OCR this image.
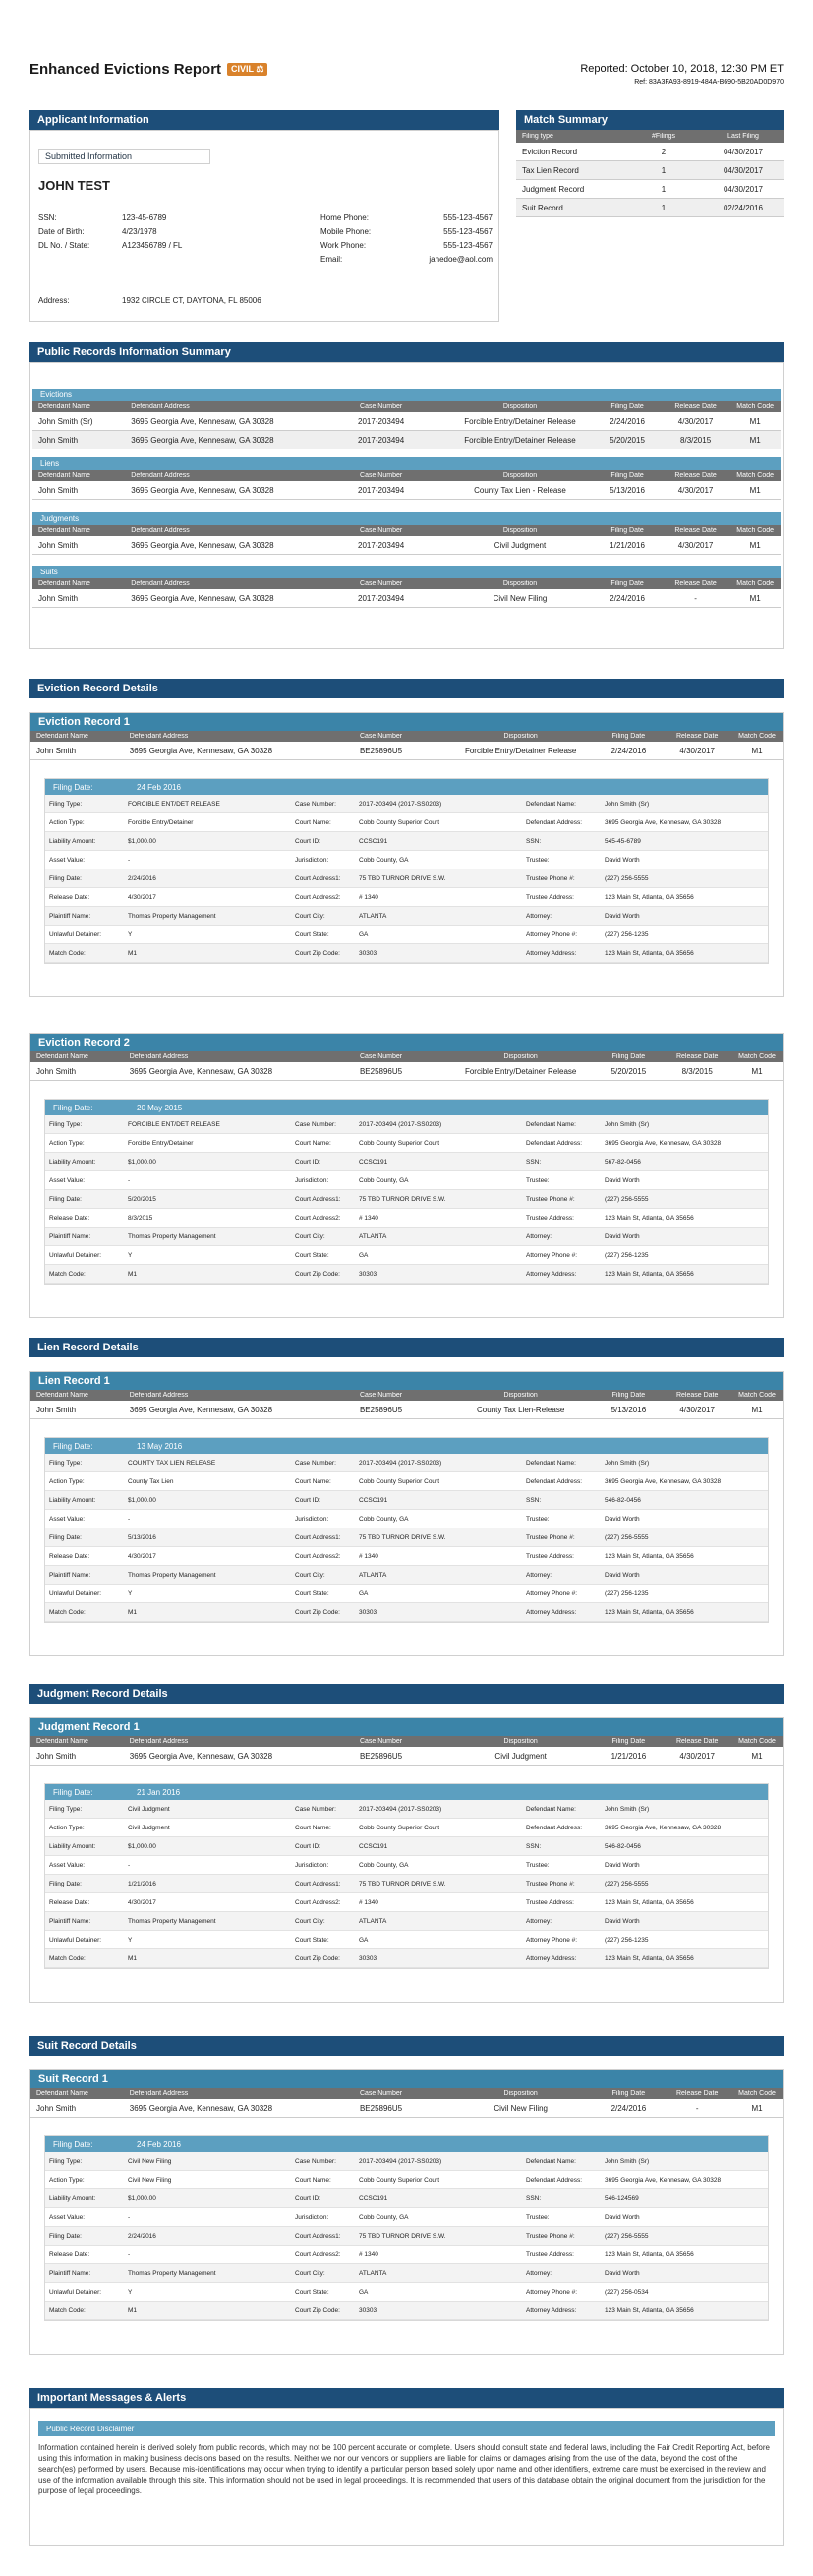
Enhanced Evictions Report CIVIL ⚖	Reported: October 10, 2018, 12:30 PM ET
Ref: 83A3FA93-8919-484A-B690-5B20AD0D970
Applicant Information
Submitted Information
JOHN TEST
SSN:	123-45-6789
Date of Birth:	4/23/1978
DL No. / State:	A123456789 / FL
Home Phone:	555-123-4567
Mobile Phone:	555-123-4567
Work Phone:	555-123-4567
Email:	janedoe@aol.com
Address:	1932 CIRCLE CT, DAYTONA, FL 85006
Match Summary
Filing type	#Filings	Last Filing
Eviction Record	2	04/30/2017
Tax Lien Record	1	04/30/2017
Judgment Record	1	04/30/2017
Suit Record	1	02/24/2016
Public Records Information Summary
Evictions
Defendant Name	Defendant Address	Case Number	Disposition	Filing Date	Release Date	Match Code
John Smith (Sr)	3695 Georgia Ave, Kennesaw, GA 30328	2017-203494	Forcible Entry/Detainer Release	2/24/2016	4/30/2017	M1
John Smith	3695 Georgia Ave, Kennesaw, GA 30328	2017-203494	Forcible Entry/Detainer Release	5/20/2015	8/3/2015	M1
Liens
Defendant Name	Defendant Address	Case Number	Disposition	Filing Date	Release Date	Match Code
John Smith	3695 Georgia Ave, Kennesaw, GA 30328	2017-203494	County Tax Lien - Release	5/13/2016	4/30/2017	M1
Judgments
Defendant Name	Defendant Address	Case Number	Disposition	Filing Date	Release Date	Match Code
John Smith	3695 Georgia Ave, Kennesaw, GA 30328	2017-203494	Civil Judgment	1/21/2016	4/30/2017	M1
Suits
Defendant Name	Defendant Address	Case Number	Disposition	Filing Date	Release Date	Match Code
John Smith	3695 Georgia Ave, Kennesaw, GA 30328	2017-203494	Civil New Filing	2/24/2016	-	M1
Eviction Record Details
Eviction Record 1
Defendant Name	Defendant Address	Case Number	Disposition	Filing Date	Release Date	Match Code
John Smith	3695 Georgia Ave, Kennesaw, GA 30328	BE25896U5	Forcible Entry/Detainer Release	2/24/2016	4/30/2017	M1
Filing Date:	24 Feb 2016
Filing Type:	FORCIBLE ENT/DET RELEASE	Case Number:	2017-203494 (2017-SS0203)	Defendant Name:	John Smith (Sr)
Action Type:	Forcible Entry/Detainer	Court Name:	Cobb County Superior Court	Defendant Address:	3695 Georgia Ave, Kennesaw, GA 30328
Liability Amount:	$1,000.00	Court ID:	CCSC191	SSN:	545-45-6789
Asset Value:	-	Jurisdiction:	Cobb County, GA	Trustee:	David Worth
Filing Date:	2/24/2016	Court Address1:	75 TBD TURNOR DRIVE S.W.	Trustee Phone #:	(227) 256-5555
Release Date:	4/30/2017	Court Address2:	# 1340	Trustee Address:	123 Main St, Atlanta, GA 35656
Plaintiff Name:	Thomas Property Management	Court City:	ATLANTA	Attorney:	David Worth
Unlawful Detainer:	Y	Court State:	GA	Attorney Phone #:	(227) 256-1235
Match Code:	M1	Court Zip Code:	30303	Attorney Address:	123 Main St, Atlanta, GA 35656
Eviction Record 2
Defendant Name	Defendant Address	Case Number	Disposition	Filing Date	Release Date	Match Code
John Smith	3695 Georgia Ave, Kennesaw, GA 30328	BE25896U5	Forcible Entry/Detainer Release	5/20/2015	8/3/2015	M1
Filing Date:	20 May 2015
Filing Type:	FORCIBLE ENT/DET RELEASE	Case Number:	2017-203494 (2017-SS0203)	Defendant Name:	John Smith (Sr)
Action Type:	Forcible Entry/Detainer	Court Name:	Cobb County Superior Court	Defendant Address:	3695 Georgia Ave, Kennesaw, GA 30328
Liability Amount:	$1,000.00	Court ID:	CCSC191	SSN:	567-82-0456
Asset Value:	-	Jurisdiction:	Cobb County, GA	Trustee:	David Worth
Filing Date:	5/20/2015	Court Address1:	75 TBD TURNOR DRIVE S.W.	Trustee Phone #:	(227) 256-5555
Release Date:	8/3/2015	Court Address2:	# 1340	Trustee Address:	123 Main St, Atlanta, GA 35656
Plaintiff Name:	Thomas Property Management	Court City:	ATLANTA	Attorney:	David Worth
Unlawful Detainer:	Y	Court State:	GA	Attorney Phone #:	(227) 256-1235
Match Code:	M1	Court Zip Code:	30303	Attorney Address:	123 Main St, Atlanta, GA 35656
Lien Record Details
Lien Record 1
Defendant Name	Defendant Address	Case Number	Disposition	Filing Date	Release Date	Match Code
John Smith	3695 Georgia Ave, Kennesaw, GA 30328	BE25896U5	County Tax Lien-Release	5/13/2016	4/30/2017	M1
Filing Date:	13 May 2016
Filing Type:	COUNTY TAX LIEN RELEASE	Case Number:	2017-203494 (2017-SS0203)	Defendant Name:	John Smith (Sr)
Action Type:	County Tax Lien	Court Name:	Cobb County Superior Court	Defendant Address:	3695 Georgia Ave, Kennesaw, GA 30328
Liability Amount:	$1,000.00	Court ID:	CCSC191	SSN:	546-82-0456
Asset Value:	-	Jurisdiction:	Cobb County, GA	Trustee:	David Worth
Filing Date:	5/13/2016	Court Address1:	75 TBD TURNOR DRIVE S.W.	Trustee Phone #:	(227) 256-5555
Release Date:	4/30/2017	Court Address2:	# 1340	Trustee Address:	123 Main St, Atlanta, GA 35656
Plaintiff Name:	Thomas Property Management	Court City:	ATLANTA	Attorney:	David Worth
Unlawful Detainer:	Y	Court State:	GA	Attorney Phone #:	(227) 256-1235
Match Code:	M1	Court Zip Code:	30303	Attorney Address:	123 Main St, Atlanta, GA 35656
Judgment Record Details
Judgment Record 1
Defendant Name	Defendant Address	Case Number	Disposition	Filing Date	Release Date	Match Code
John Smith	3695 Georgia Ave, Kennesaw, GA 30328	BE25896U5	Civil Judgment	1/21/2016	4/30/2017	M1
Filing Date:	21 Jan 2016
Filing Type:	Civil Judgment	Case Number:	2017-203494 (2017-SS0203)	Defendant Name:	John Smith (Sr)
Action Type:	Civil Judgment	Court Name:	Cobb County Superior Court	Defendant Address:	3695 Georgia Ave, Kennesaw, GA 30328
Liability Amount:	$1,000.00	Court ID:	CCSC191	SSN:	546-82-0456
Asset Value:	-	Jurisdiction:	Cobb County, GA	Trustee:	David Worth
Filing Date:	1/21/2016	Court Address1:	75 TBD TURNOR DRIVE S.W.	Trustee Phone #:	(227) 256-5555
Release Date:	4/30/2017	Court Address2:	# 1340	Trustee Address:	123 Main St, Atlanta, GA 35656
Plaintiff Name:	Thomas Property Management	Court City:	ATLANTA	Attorney:	David Worth
Unlawful Detainer:	Y	Court State:	GA	Attorney Phone #:	(227) 256-1235
Match Code:	M1	Court Zip Code:	30303	Attorney Address:	123 Main St, Atlanta, GA 35656
Suit Record Details
Suit Record 1
Defendant Name	Defendant Address	Case Number	Disposition	Filing Date	Release Date	Match Code
John Smith	3695 Georgia Ave, Kennesaw, GA 30328	BE25896U5	Civil New Filing	2/24/2016	-	M1
Filing Date:	24 Feb 2016
Filing Type:	Civil New Filing	Case Number:	2017-203494 (2017-SS0203)	Defendant Name:	John Smith (Sr)
Action Type:	Civil New Filing	Court Name:	Cobb County Superior Court	Defendant Address:	3695 Georgia Ave, Kennesaw, GA 30328
Liability Amount:	$1,000.00	Court ID:	CCSC191	SSN:	546-124569
Asset Value:	-	Jurisdiction:	Cobb County, GA	Trustee:	David Worth
Filing Date:	2/24/2016	Court Address1:	75 TBD TURNOR DRIVE S.W.	Trustee Phone #:	(227) 256-5555
Release Date:	-	Court Address2:	# 1340	Trustee Address:	123 Main St, Atlanta, GA 35656
Plaintiff Name:	Thomas Property Management	Court City:	ATLANTA	Attorney:	David Worth
Unlawful Detainer:	Y	Court State:	GA	Attorney Phone #:	(227) 256-0534
Match Code:	M1	Court Zip Code:	30303	Attorney Address:	123 Main St, Atlanta, GA 35656
Important Messages & Alerts
Public Record Disclaimer
Information contained herein is derived solely from public records, which may not be 100 percent accurate or complete. Users should consult state and federal laws, including the Fair Credit Reporting Act, before using this information in making business decisions based on the results. Neither we nor our vendors or suppliers are liable for claims or damages arising from the use of the data, beyond the cost of the search(es) performed by users. Because mis-identifications may occur when trying to identify a particular person based solely upon name and other identifiers, extreme care must be exercised in the review and use of the information available through this site. This information should not be used in legal proceedings. It is recommended that users of this database obtain the original document from the jurisdiction for the purpose of legal proceedings.
